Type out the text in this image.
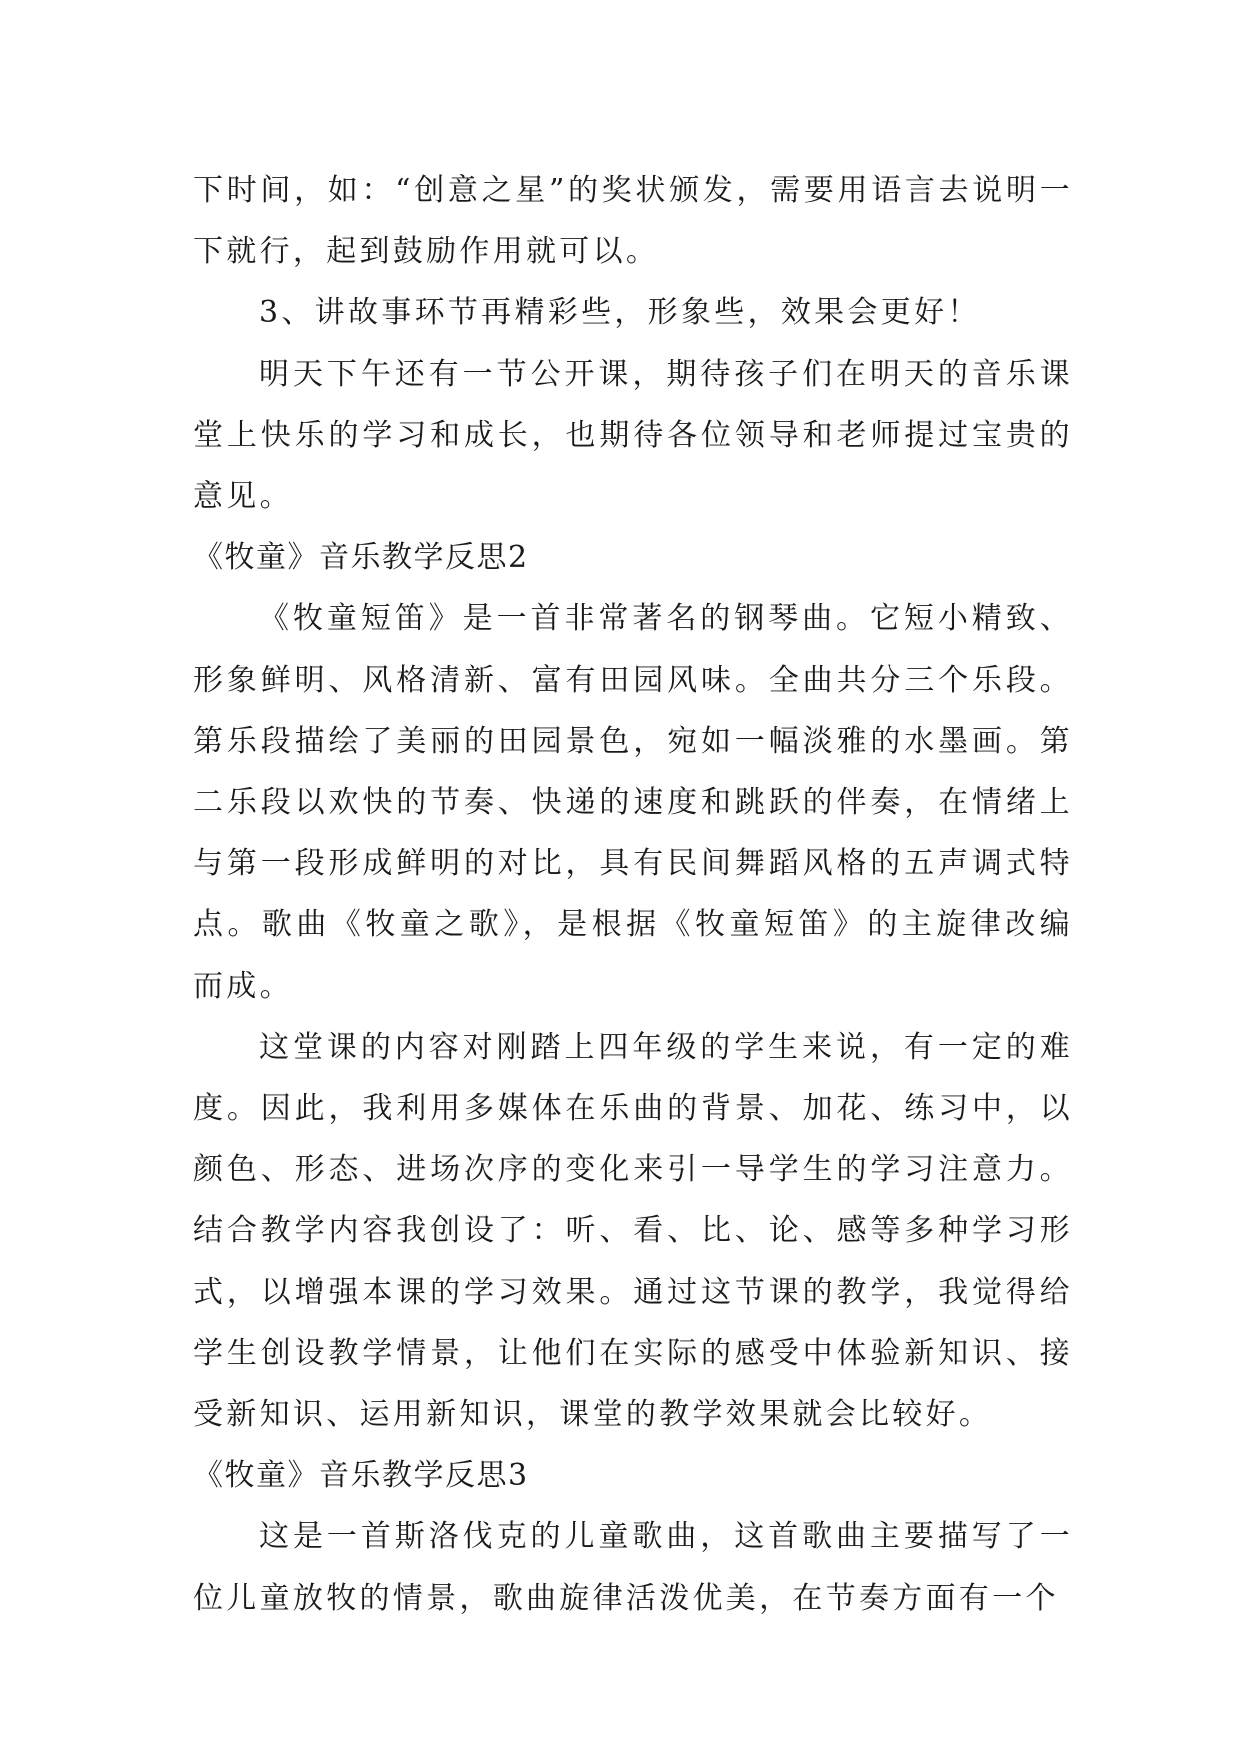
下时间，如：“创意之星”的奖状颁发，需要用语言去说明一下就行，起到鼓励作用就可以。

3、讲故事环节再精彩些，形象些，效果会更好！

明天下午还有一节公开课，期待孩子们在明天的音乐课堂上快乐的学习和成长，也期待各位领导和老师提过宝贵的意见。

《牧童》音乐教学反思2

《牧童短笛》是一首非常著名的钢琴曲。它短小精致、形象鲜明、风格清新、富有田园风味。全曲共分三个乐段。第乐段描绘了美丽的田园景色，宛如一幅淡雅的水墨画。第二乐段以欢快的节奏、快递的速度和跳跃的伴奏，在情绪上与第一段形成鲜明的对比，具有民间舞蹈风格的五声调式特点。歌曲《牧童之歌》，是根据《牧童短笛》的主旋律改编而成。

这堂课的内容对刚踏上四年级的学生来说，有一定的难度。因此，我利用多媒体在乐曲的背景、加花、练习中，以颜色、形态、进场次序的变化来引一导学生的学习注意力。结合教学内容我创设了：听、看、比、论、感等多种学习形式，以增强本课的学习效果。通过这节课的教学，我觉得给学生创设教学情景，让他们在实际的感受中体验新知识、接受新知识、运用新知识，课堂的教学效果就会比较好。

《牧童》音乐教学反思3

这是一首斯洛伐克的儿童歌曲，这首歌曲主要描写了一位儿童放牧的情景，歌曲旋律活泼优美，在节奏方面有一个
